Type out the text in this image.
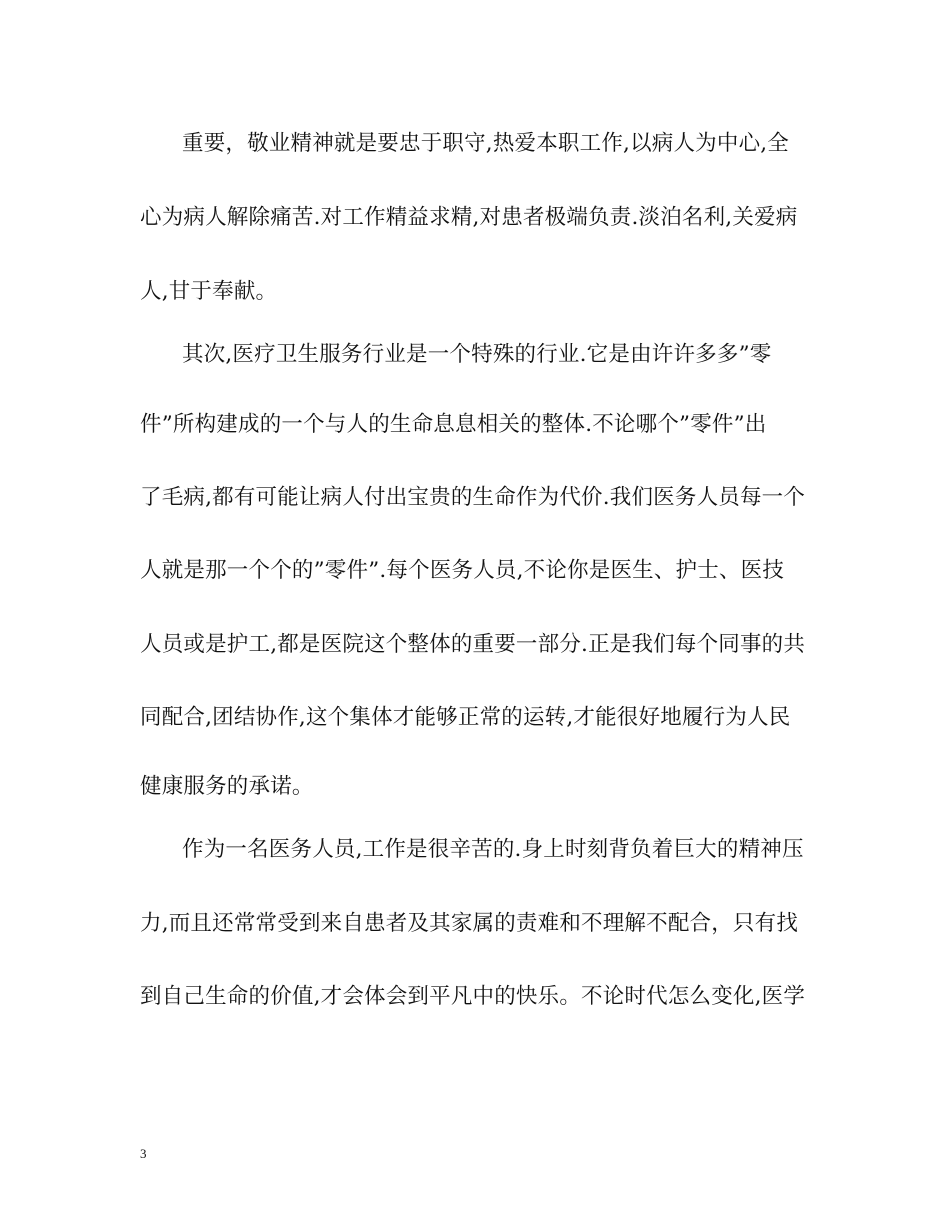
重要，敬业精神就是要忠于职守,热爱本职工作,以病人为中心,全
心为病人解除痛苦.对工作精益求精,对患者极端负责.淡泊名利,关爱病
人,甘于奉献。
其次,医疗卫生服务行业是一个特殊的行业.它是由许许多多”零
件”所构建成的一个与人的生命息息相关的整体.不论哪个”零件”出
了毛病,都有可能让病人付出宝贵的生命作为代价.我们医务人员每一个
人就是那一个个的”零件”.每个医务人员,不论你是医生、护士、医技
人员或是护工,都是医院这个整体的重要一部分.正是我们每个同事的共
同配合,团结协作,这个集体才能够正常的运转,才能很好地履行为人民
健康服务的承诺。
作为一名医务人员,工作是很辛苦的.身上时刻背负着巨大的精神压
力,而且还常常受到来自患者及其家属的责难和不理解不配合，只有找
到自己生命的价值,才会体会到平凡中的快乐。不论时代怎么变化,医学
3
